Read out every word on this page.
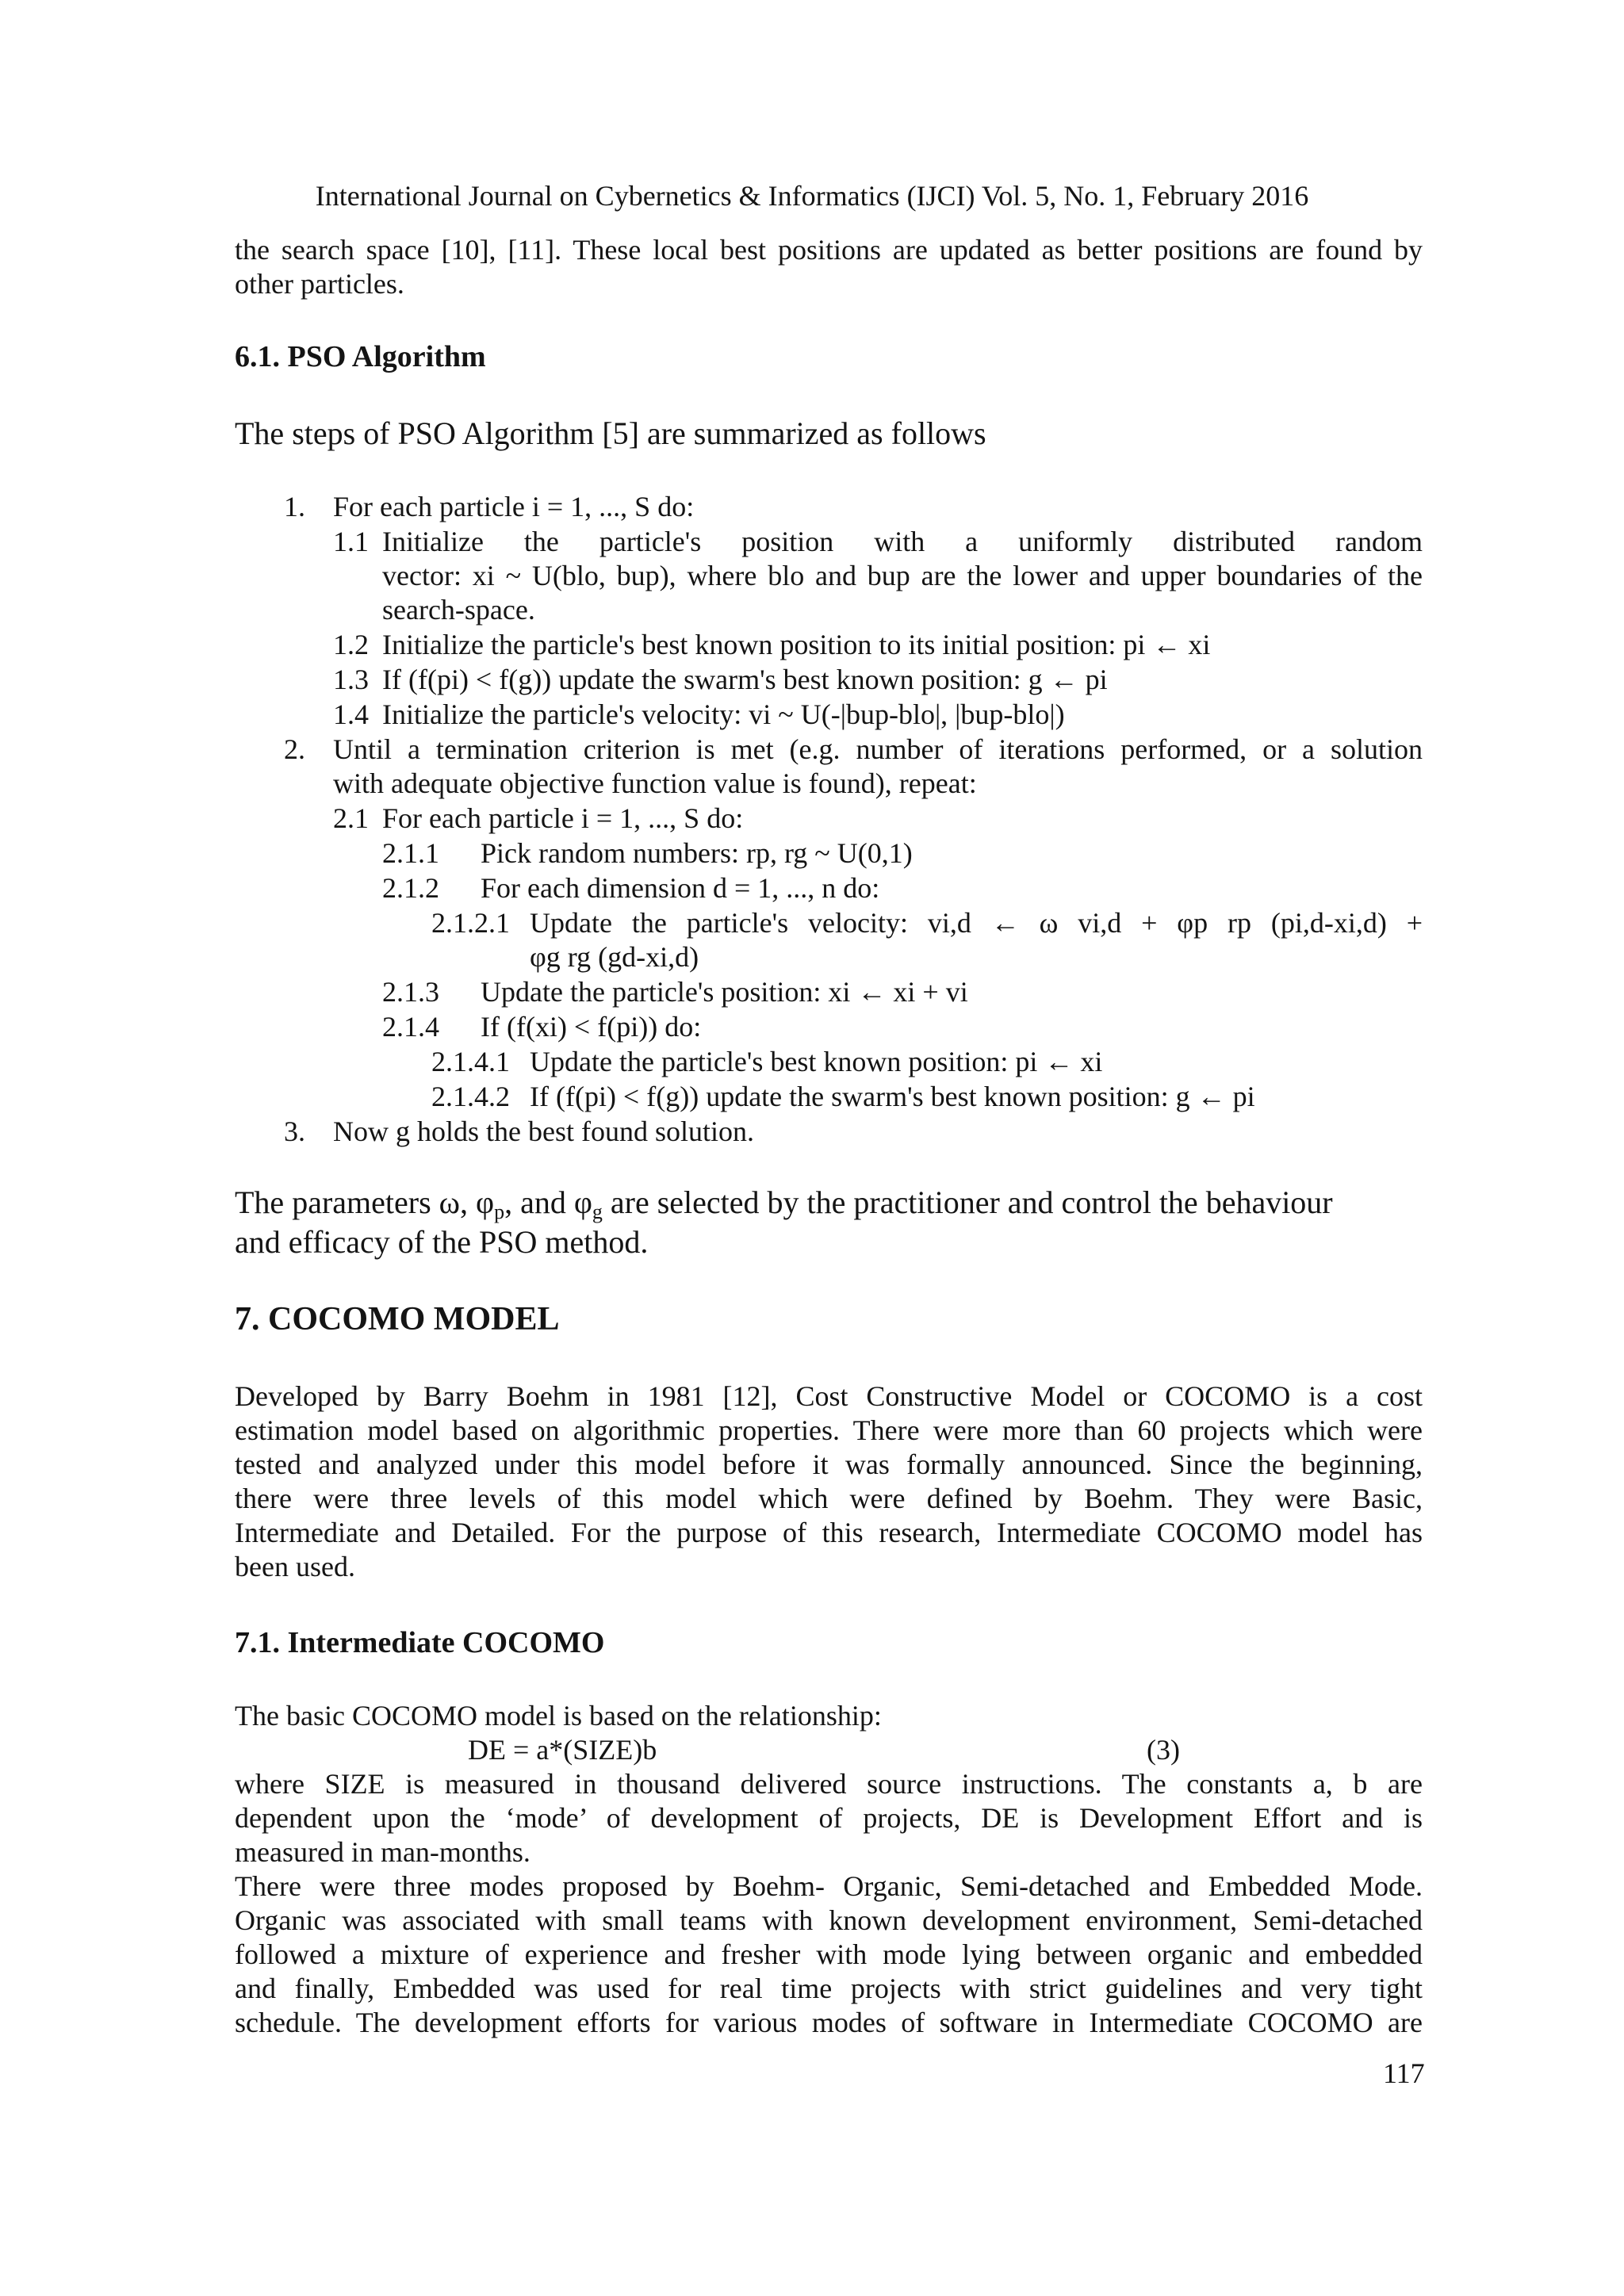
International Journal on Cybernetics & Informatics (IJCI) Vol. 5, No. 1, February 2016
the search space [10], [11]. These local best positions are updated as better positions are found by
other particles.
6.1. PSO Algorithm
The steps of PSO Algorithm [5] are summarized as follows
1. For each particle i = 1, ..., S do:
1.1 Initialize the particle's position with a uniformly distributed random
vector: xi ~ U(blo, bup), where blo and bup are the lower and upper boundaries of the
search-space.
1.2 Initialize the particle's best known position to its initial position: pi ← xi
1.3 If (f(pi) < f(g)) update the swarm's best known position: g ← pi
1.4 Initialize the particle's velocity: vi ~ U(-|bup-blo|, |bup-blo|)
2. Until a termination criterion is met (e.g. number of iterations performed, or a solution
with adequate objective function value is found), repeat:
2.1 For each particle i = 1, ..., S do:
2.1.1 Pick random numbers: rp, rg ~ U(0,1)
2.1.2 For each dimension d = 1, ..., n do:
2.1.2.1 Update the particle's velocity: vi,d ← ω vi,d + φp rp (pi,d-xi,d) +
φg rg (gd-xi,d)
2.1.3 Update the particle's position: xi ← xi + vi
2.1.4 If (f(xi) < f(pi)) do:
2.1.4.1 Update the particle's best known position: pi ← xi
2.1.4.2 If (f(pi) < f(g)) update the swarm's best known position: g ← pi
3. Now g holds the best found solution.
The parameters ω, $\varphi_p$, and $\varphi_g$ are selected by the practitioner and control the behaviour
and efficacy of the PSO method.
7. COCOMO MODEL
Developed by Barry Boehm in 1981 [12], Cost Constructive Model or COCOMO is a cost
estimation model based on algorithmic properties. There were more than 60 projects which were
tested and analyzed under this model before it was formally announced. Since the beginning,
there were three levels of this model which were defined by Boehm. They were Basic,
Intermediate and Detailed. For the purpose of this research, Intermediate COCOMO model has
been used.
7.1. Intermediate COCOMO
The basic COCOMO model is based on the relationship:
DE = a*(SIZE)b	(3)
where SIZE is measured in thousand delivered source instructions. The constants a, b are
dependent upon the ‘mode’ of development of projects, DE is Development Effort and is
measured in man-months.
There were three modes proposed by Boehm- Organic, Semi-detached and Embedded Mode.
Organic was associated with small teams with known development environment, Semi-detached
followed a mixture of experience and fresher with mode lying between organic and embedded
and finally, Embedded was used for real time projects with strict guidelines and very tight
schedule. The development efforts for various modes of software in Intermediate COCOMO are
117
